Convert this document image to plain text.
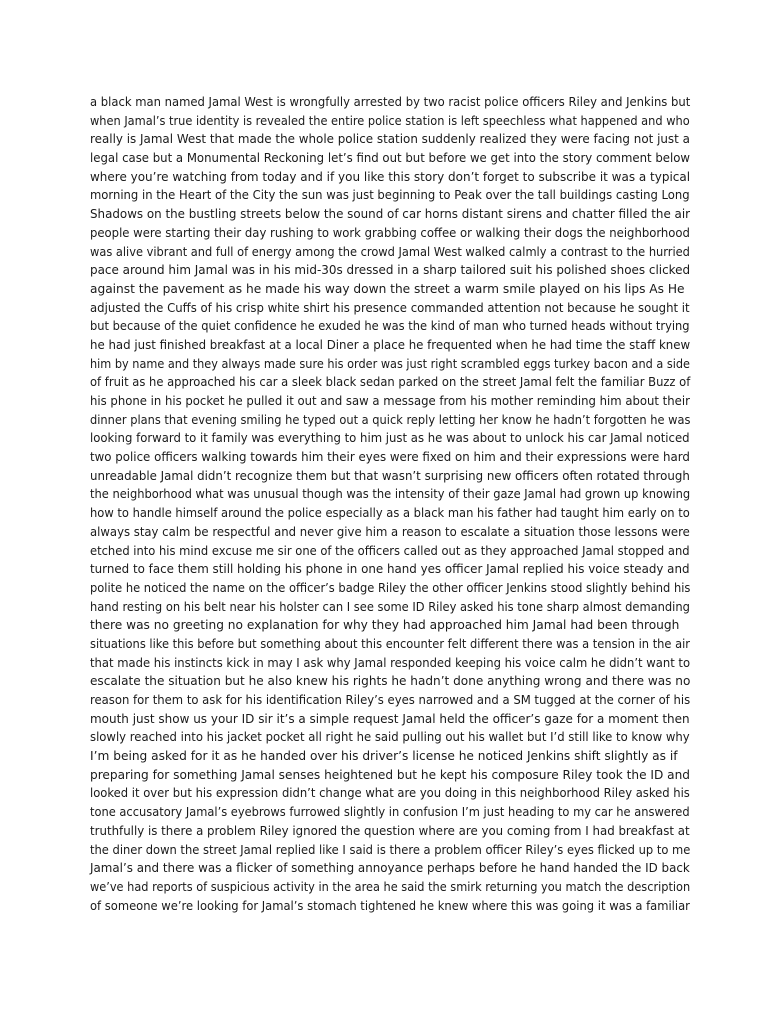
a black man named Jamal West is wrongfully arrested by two racist police officers Riley and Jenkins but
when Jamal’s true identity is revealed the entire police station is left speechless what happened and who
really is Jamal West that made the whole police station suddenly realized they were facing not just a
legal case but a Monumental Reckoning let’s find out but before we get into the story comment below
where you’re watching from today and if you like this story don’t forget to subscribe it was a typical
morning in the Heart of the City the sun was just beginning to Peak over the tall buildings casting Long
Shadows on the bustling streets below the sound of car horns distant sirens and chatter filled the air
people were starting their day rushing to work grabbing coffee or walking their dogs the neighborhood
was alive vibrant and full of energy among the crowd Jamal West walked calmly a contrast to the hurried
pace around him Jamal was in his mid-30s dressed in a sharp tailored suit his polished shoes clicked
against the pavement as he made his way down the street a warm smile played on his lips As He
adjusted the Cuffs of his crisp white shirt his presence commanded attention not because he sought it
but because of the quiet confidence he exuded he was the kind of man who turned heads without trying
he had just finished breakfast at a local Diner a place he frequented when he had time the staff knew
him by name and they always made sure his order was just right scrambled eggs turkey bacon and a side
of fruit as he approached his car a sleek black sedan parked on the street Jamal felt the familiar Buzz of
his phone in his pocket he pulled it out and saw a message from his mother reminding him about their
dinner plans that evening smiling he typed out a quick reply letting her know he hadn’t forgotten he was
looking forward to it family was everything to him just as he was about to unlock his car Jamal noticed
two police officers walking towards him their eyes were fixed on him and their expressions were hard
unreadable Jamal didn’t recognize them but that wasn’t surprising new officers often rotated through
the neighborhood what was unusual though was the intensity of their gaze Jamal had grown up knowing
how to handle himself around the police especially as a black man his father had taught him early on to
always stay calm be respectful and never give him a reason to escalate a situation those lessons were
etched into his mind excuse me sir one of the officers called out as they approached Jamal stopped and
turned to face them still holding his phone in one hand yes officer Jamal replied his voice steady and
polite he noticed the name on the officer’s badge Riley the other officer Jenkins stood slightly behind his
hand resting on his belt near his holster can I see some ID Riley asked his tone sharp almost demanding
there was no greeting no explanation for why they had approached him Jamal had been through
situations like this before but something about this encounter felt different there was a tension in the air
that made his instincts kick in may I ask why Jamal responded keeping his voice calm he didn’t want to
escalate the situation but he also knew his rights he hadn’t done anything wrong and there was no
reason for them to ask for his identification Riley’s eyes narrowed and a SM tugged at the corner of his
mouth just show us your ID sir it’s a simple request Jamal held the officer’s gaze for a moment then
slowly reached into his jacket pocket all right he said pulling out his wallet but I’d still like to know why
I’m being asked for it as he handed over his driver’s license he noticed Jenkins shift slightly as if
preparing for something Jamal senses heightened but he kept his composure Riley took the ID and
looked it over but his expression didn’t change what are you doing in this neighborhood Riley asked his
tone accusatory Jamal’s eyebrows furrowed slightly in confusion I’m just heading to my car he answered
truthfully is there a problem Riley ignored the question where are you coming from I had breakfast at
the diner down the street Jamal replied like I said is there a problem officer Riley’s eyes flicked up to me
Jamal’s and there was a flicker of something annoyance perhaps before he hand handed the ID back
we’ve had reports of suspicious activity in the area he said the smirk returning you match the description
of someone we’re looking for Jamal’s stomach tightened he knew where this was going it was a familiar
